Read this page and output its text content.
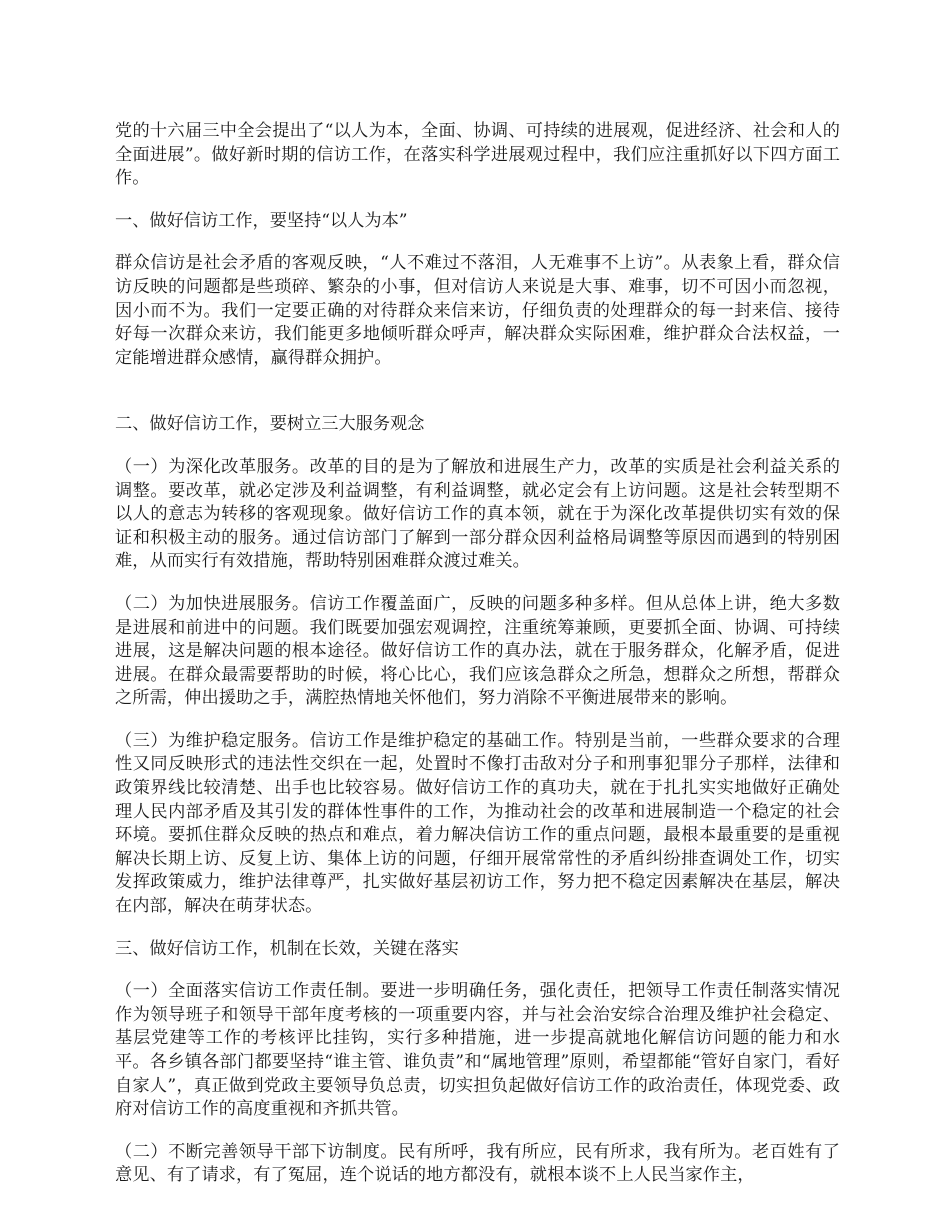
党的十六届三中全会提出了“以人为本，全面、协调、可持续的进展观，促进经济、社会和人的全面进展”。做好新时期的信访工作，在落实科学进展观过程中，我们应注重抓好以下四方面工作。

一、做好信访工作，要坚持“以人为本”

群众信访是社会矛盾的客观反映，“人不难过不落泪，人无难事不上访”。从表象上看，群众信访反映的问题都是些琐碎、繁杂的小事，但对信访人来说是大事、难事，切不可因小而忽视，因小而不为。我们一定要正确的对待群众来信来访，仔细负责的处理群众的每一封来信、接待好每一次群众来访，我们能更多地倾听群众呼声，解决群众实际困难，维护群众合法权益，一定能增进群众感情，赢得群众拥护。

二、做好信访工作，要树立三大服务观念

（一）为深化改革服务。改革的目的是为了解放和进展生产力，改革的实质是社会利益关系的调整。要改革，就必定涉及利益调整，有利益调整，就必定会有上访问题。这是社会转型期不以人的意志为转移的客观现象。做好信访工作的真本领，就在于为深化改革提供切实有效的保证和积极主动的服务。通过信访部门了解到一部分群众因利益格局调整等原因而遇到的特别困难，从而实行有效措施，帮助特别困难群众渡过难关。

（二）为加快进展服务。信访工作覆盖面广，反映的问题多种多样。但从总体上讲，绝大多数是进展和前进中的问题。我们既要加强宏观调控，注重统筹兼顾，更要抓全面、协调、可持续进展，这是解决问题的根本途径。做好信访工作的真办法，就在于服务群众，化解矛盾，促进进展。在群众最需要帮助的时候，将心比心，我们应该急群众之所急，想群众之所想，帮群众之所需，伸出援助之手，满腔热情地关怀他们，努力消除不平衡进展带来的影响。

（三）为维护稳定服务。信访工作是维护稳定的基础工作。特别是当前，一些群众要求的合理性又同反映形式的违法性交织在一起，处置时不像打击敌对分子和刑事犯罪分子那样，法律和政策界线比较清楚、出手也比较容易。做好信访工作的真功夫，就在于扎扎实实地做好正确处理人民内部矛盾及其引发的群体性事件的工作，为推动社会的改革和进展制造一个稳定的社会环境。要抓住群众反映的热点和难点，着力解决信访工作的重点问题，最根本最重要的是重视解决长期上访、反复上访、集体上访的问题，仔细开展常常性的矛盾纠纷排查调处工作，切实发挥政策威力，维护法律尊严，扎实做好基层初访工作，努力把不稳定因素解决在基层，解决在内部，解决在萌芽状态。

三、做好信访工作，机制在长效，关键在落实

（一）全面落实信访工作责任制。要进一步明确任务，强化责任，把领导工作责任制落实情况作为领导班子和领导干部年度考核的一项重要内容，并与社会治安综合治理及维护社会稳定、基层党建等工作的考核评比挂钩，实行多种措施，进一步提高就地化解信访问题的能力和水平。各乡镇各部门都要坚持“谁主管、谁负责”和“属地管理”原则，希望都能“管好自家门，看好自家人”，真正做到党政主要领导负总责，切实担负起做好信访工作的政治责任，体现党委、政府对信访工作的高度重视和齐抓共管。

（二）不断完善领导干部下访制度。民有所呼，我有所应，民有所求，我有所为。老百姓有了意见、有了请求，有了冤屈，连个说话的地方都没有，就根本谈不上人民当家作主，
